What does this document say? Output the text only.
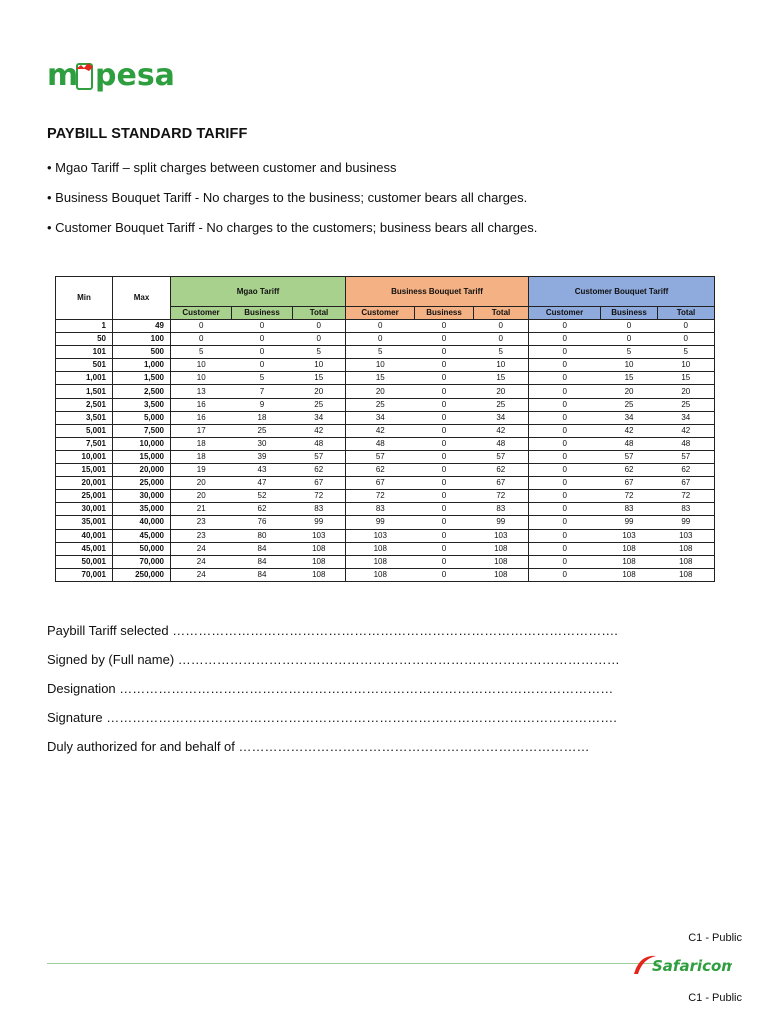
m pesa
PAYBILL STANDARD TARIFF
• Mgao Tariff – split charges between customer and business
• Business Bouquet Tariff - No charges to the business; customer bears all charges.
• Customer Bouquet Tariff - No charges to the customers; business bears all charges.
Min	Max	Mgao Tariff			Business Bouquet Tariff			Customer Bouquet Tariff		
		Customer	Business	Total	Customer	Business	Total	Customer	Business	Total
1	49	0	0	0	0	0	0	0	0	0
50	100	0	0	0	0	0	0	0	0	0
101	500	5	0	5	5	0	5	0	5	5
501	1,000	10	0	10	10	0	10	0	10	10
1,001	1,500	10	5	15	15	0	15	0	15	15
1,501	2,500	13	7	20	20	0	20	0	20	20
2,501	3,500	16	9	25	25	0	25	0	25	25
3,501	5,000	16	18	34	34	0	34	0	34	34
5,001	7,500	17	25	42	42	0	42	0	42	42
7,501	10,000	18	30	48	48	0	48	0	48	48
10,001	15,000	18	39	57	57	0	57	0	57	57
15,001	20,000	19	43	62	62	0	62	0	62	62
20,001	25,000	20	47	67	67	0	67	0	67	67
25,001	30,000	20	52	72	72	0	72	0	72	72
30,001	35,000	21	62	83	83	0	83	0	83	83
35,001	40,000	23	76	99	99	0	99	0	99	99
40,001	45,000	23	80	103	103	0	103	0	103	103
45,001	50,000	24	84	108	108	0	108	0	108	108
50,001	70,000	24	84	108	108	0	108	0	108	108
70,001	250,000	24	84	108	108	0	108	0	108	108
Paybill Tariff selected ………………………………………………………………………………………….
Signed by (Full name) …………………………………………………………………………………………
Designation ……………………………………………………………………………………………………
Signature ……………………………………………………………………………………………………….
Duly authorized for and behalf of ………………………………………………………………………
C1 - Public
Safaricom
C1 - Public
